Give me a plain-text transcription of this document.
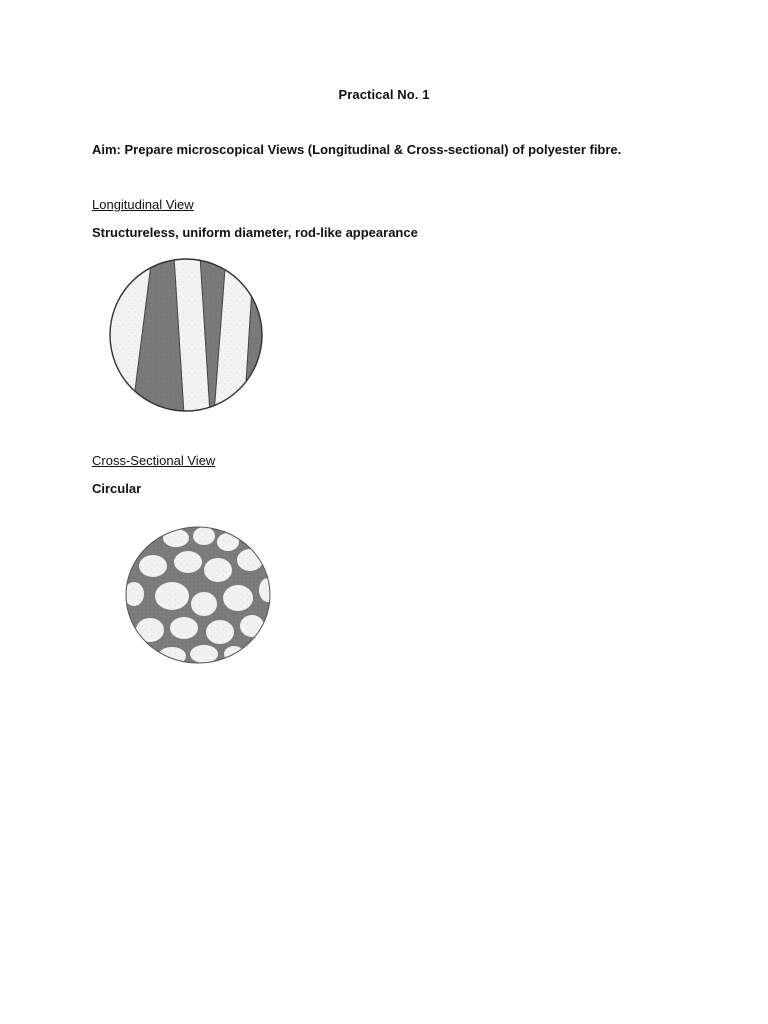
Practical No. 1
Aim: Prepare microscopical Views (Longitudinal & Cross-sectional) of polyester fibre.
Longitudinal View
Structureless, uniform diameter, rod-like appearance
Cross-Sectional View
Circular
